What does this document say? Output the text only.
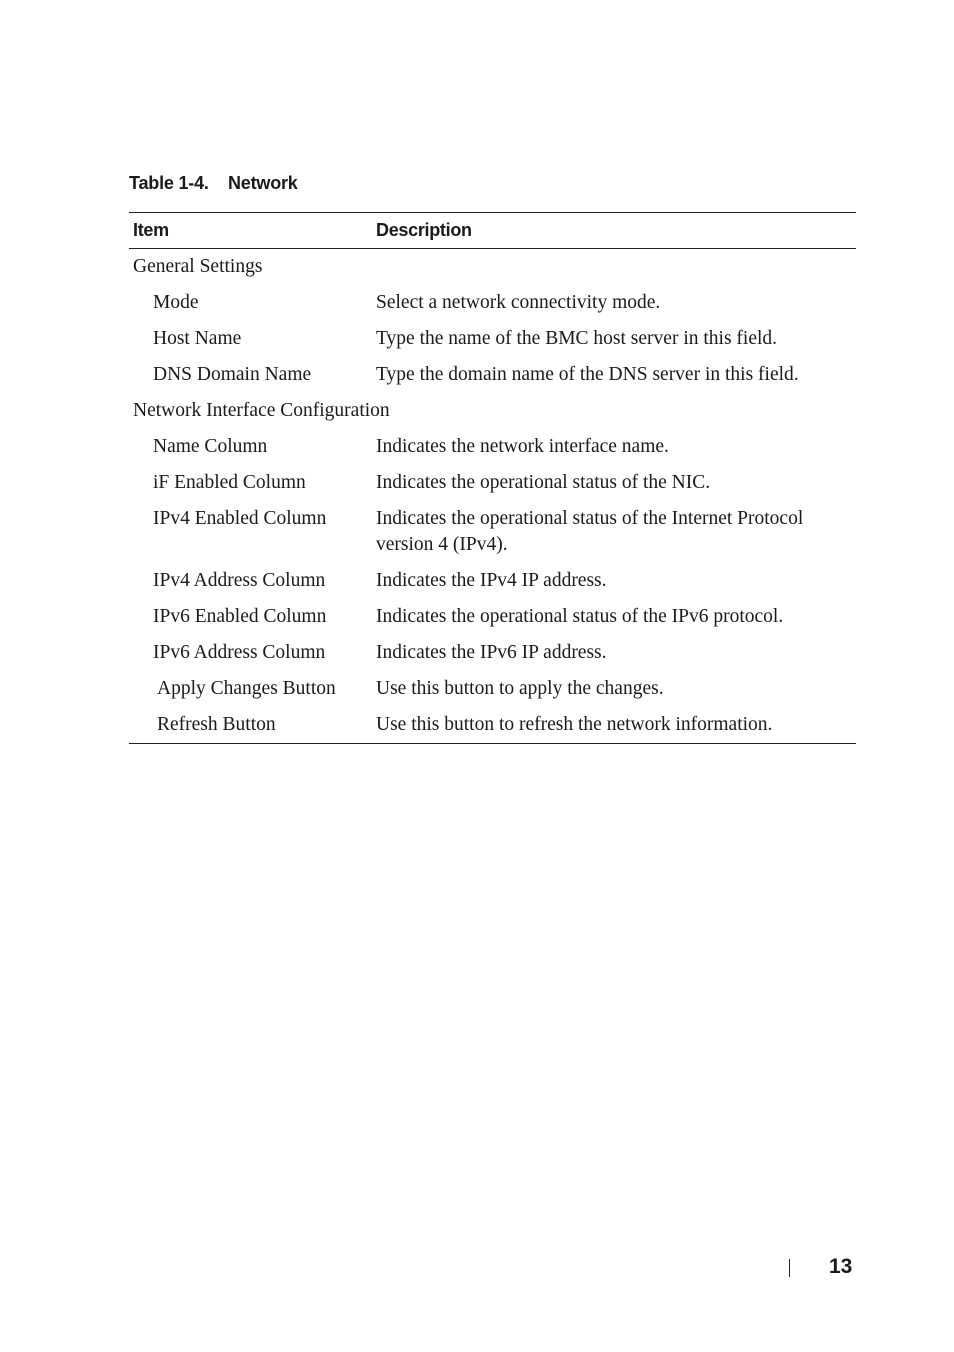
Table 1-4. Network
Item	Description
General Settings	
Mode	Select a network connectivity mode.
Host Name	Type the name of the BMC host server in this field.
DNS Domain Name	Type the domain name of the DNS server in this field.
Network Interface Configuration	
Name Column	Indicates the network interface name.
iF Enabled Column	Indicates the operational status of the NIC.
IPv4 Enabled Column	Indicates the operational status of the Internet Protocol version 4 (IPv4).
IPv4 Address Column	Indicates the IPv4 IP address.
IPv6 Enabled Column	Indicates the operational status of the IPv6 protocol.
IPv6 Address Column	Indicates the IPv6 IP address.
Apply Changes Button	Use this button to apply the changes.
Refresh Button	Use this button to refresh the network information.
13
